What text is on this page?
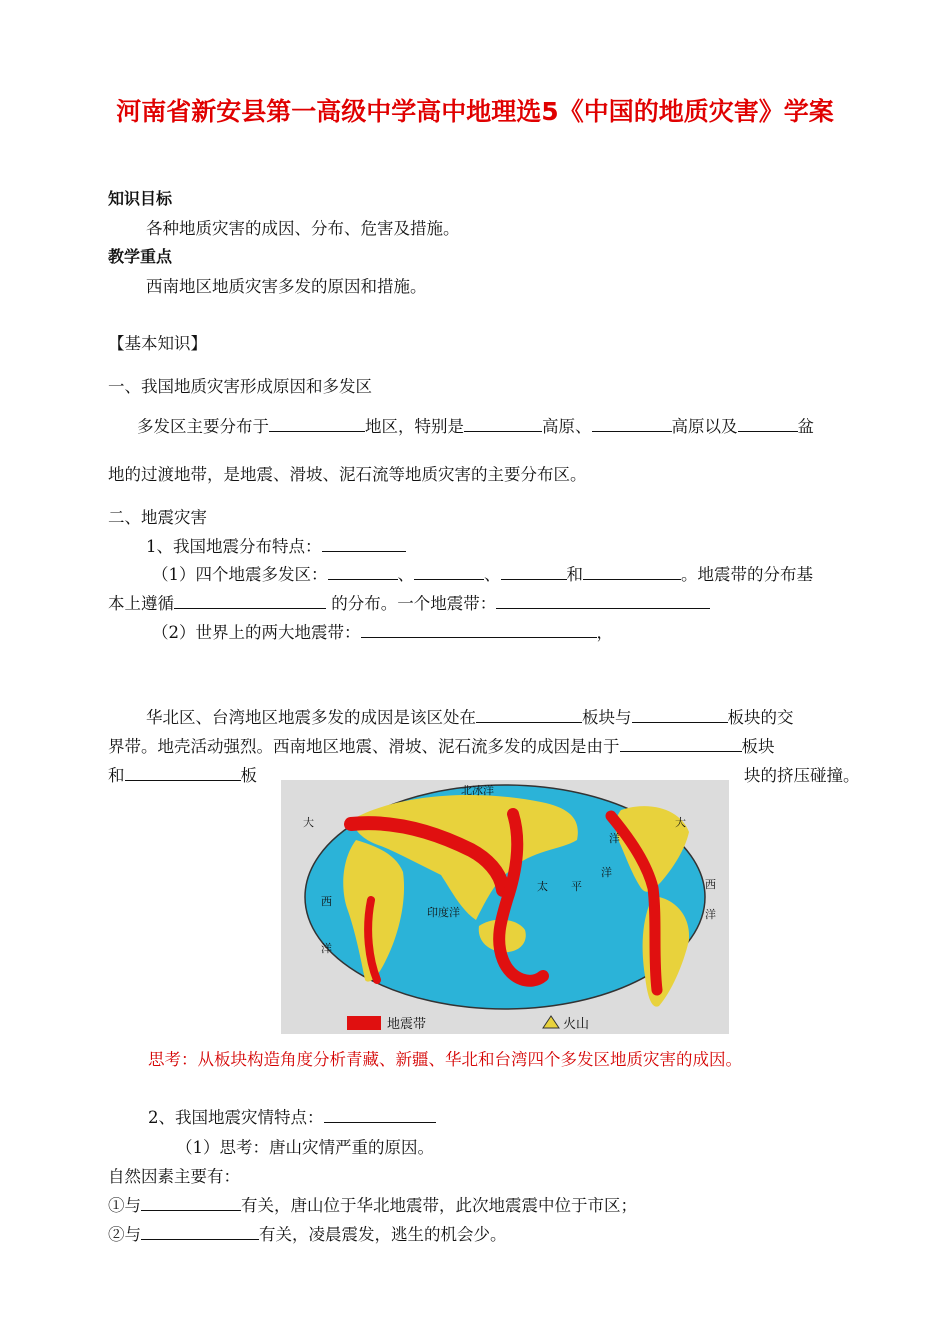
河南省新安县第一高级中学高中地理选5《中国的地质灾害》学案
知识目标
各种地质灾害的成因、分布、危害及措施。
教学重点
西南地区地质灾害多发的原因和措施。
【基本知识】
一、我国地质灾害形成原因和多发区
多发区主要分布于	地区，特别是	高原、	高原以及	盆
地的过渡地带，是地震、滑坡、泥石流等地质灾害的主要分布区。
二、地震灾害
1、我国地震分布特点：
（1）四个地震多发区：	、	、	和	。地震带的分布基
本上遵循	的分布。一个地震带：
（2）世界上的两大地震带：	，
华北区、台湾地区地震多发的成因是该区处在	板块与	板块的交
界带。地壳活动强烈。西南地区地震、滑坡、泥石流多发的成因是由于	板块
和	板	块的挤压碰撞。
北冰洋
大
西
洋
印度洋
太 平
洋
西
洋
大
洋
地震带	火山
思考：从板块构造角度分析青藏、新疆、华北和台湾四个多发区地质灾害的成因。
2、我国地震灾情特点：
（1）思考：唐山灾情严重的原因。
自然因素主要有：
①与	有关，唐山位于华北地震带，此次地震震中位于市区；
②与	有关，凌晨震发，逃生的机会少。
